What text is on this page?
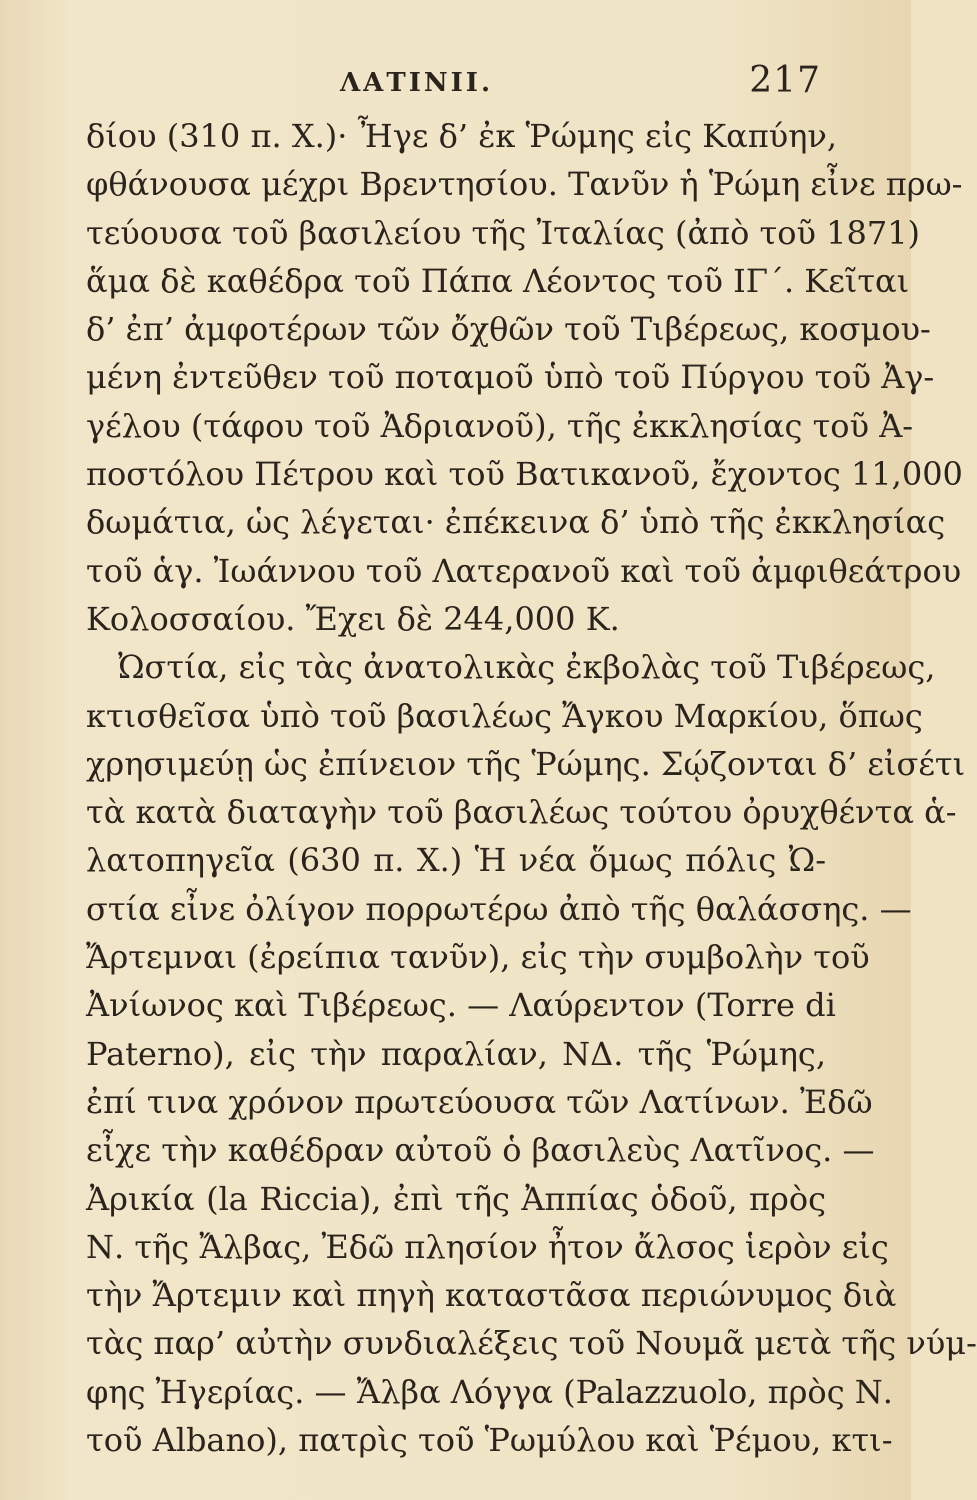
ΛΑΤΙΝΙΙ.	217
δίου (310 π. Χ.)· Ἦγε δ’ ἐκ Ῥώμης εἰς Καπύην,
φθάνουσα μέχρι Βρεντησίου. Τανῦν ἡ Ῥώμη εἶνε πρω-
τεύουσα τοῦ βασιλείου τῆς Ἰταλίας (ἀπὸ τοῦ 1871)
ἅμα δὲ καθέδρα τοῦ Πάπα Λέοντος τοῦ ΙΓ΄. Κεῖται
δ’ ἐπ’ ἀμφοτέρων τῶν ὄχθῶν τοῦ Τιβέρεως, κοσμου-
μένη ἐντεῦθεν τοῦ ποταμοῦ ὑπὸ τοῦ Πύργου τοῦ Ἀγ-
γέλου (τάφου τοῦ Ἀδριανοῦ), τῆς ἐκκλησίας τοῦ Ἀ-
ποστόλου Πέτρου καὶ τοῦ Βατικανοῦ, ἔχοντος 11,000
δωμάτια, ὡς λέγεται· ἐπέκεινα δ’ ὑπὸ τῆς ἐκκλησίας
τοῦ ἁγ. Ἰωάννου τοῦ Λατερανοῦ καὶ τοῦ ἀμφιθεάτρου
Κολοσσαίου. Ἔχει δὲ 244,000 Κ.
Ὠστία, εἰς τὰς ἀνατολικὰς ἐκβολὰς τοῦ Τιβέρεως,
κτισθεῖσα ὑπὸ τοῦ βασιλέως Ἄγκου Μαρκίου, ὅπως
χρησιμεύῃ ὡς ἐπίνειον τῆς Ῥώμης. Σῴζονται δ’ εἰσέτι
τὰ κατὰ διαταγὴν τοῦ βασιλέως τούτου ὀρυχθέντα ἁ-
λατοπηγεῖα (630 π. Χ.) Ἡ νέα ὅμως πόλις Ὠ-
στία εἶνε ὀλίγον πορρωτέρω ἀπὸ τῆς θαλάσσης. —
Ἄρτεμναι (ἐρείπια τανῦν), εἰς τὴν συμβολὴν τοῦ
Ἀνίωνος καὶ Τιβέρεως. — Λαύρεντον (Torre di
Paterno), εἰς τὴν παραλίαν, ΝΔ. τῆς Ῥώμης,
ἐπί τινα χρόνον πρωτεύουσα τῶν Λατίνων. Ἐδῶ
εἶχε τὴν καθέδραν αὐτοῦ ὁ βασιλεὺς Λατῖνος. —
Ἀρικία (la Riccia), ἐπὶ τῆς Ἀππίας ὁδοῦ, πρὸς
Ν. τῆς Ἄλβας, Ἐδῶ πλησίον ἦτον ἄλσος ἱερὸν εἰς
τὴν Ἄρτεμιν καὶ πηγὴ καταστᾶσα περιώνυμος διὰ
τὰς παρ’ αὐτὴν συνδιαλέξεις τοῦ Νουμᾶ μετὰ τῆς νύμ-
φης Ἠγερίας. — Ἄλβα Λόγγα (Palazzuolo, πρὸς Ν.
τοῦ Albano), πατρὶς τοῦ Ῥωμύλου καὶ Ῥέμου, κτι-
